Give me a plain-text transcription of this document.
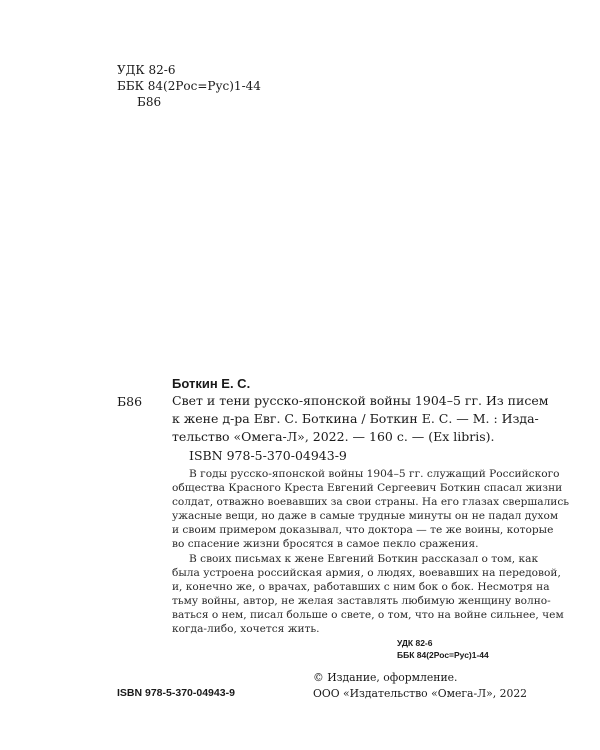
УДК 82-6
ББК 84(2Рос=Рус)1-44
Б86
Боткин Е. С.
Б86 Свет и тени русско-японской войны 1904–5 гг. Из писем
к жене д-ра Евг. С. Боткина / Боткин Е. С. — М. : Изда-
тельство «Омега-Л», 2022. — 160 с. — (Ex libris).
ISBN 978-5-370-04943-9
В годы русско-японской войны 1904–5 гг. служащий Российского
общества Красного Креста Евгений Сергеевич Боткин спасал жизни
солдат, отважно воевавших за свои страны. На его глазах свершались
ужасные вещи, но даже в самые трудные минуты он не падал духом
и своим примером доказывал, что доктора — те же воины, которые
во спасение жизни бросятся в самое пекло сражения.
В своих письмах к жене Евгений Боткин рассказал о том, как
была устроена российская армия, о людях, воевавших на передовой,
и, конечно же, о врачах, работавших с ним бок о бок. Несмотря на
тьму войны, автор, не желая заставлять любимую женщину волно-
ваться о нем, писал больше о свете, о том, что на войне сильнее, чем
когда-либо, хочется жить.
УДК 82-6
ББК 84(2Рос=Рус)1-44
© Издание, оформление.
ISBN 978-5-370-04943-9	ООО «Издательство «Омега-Л», 2022
